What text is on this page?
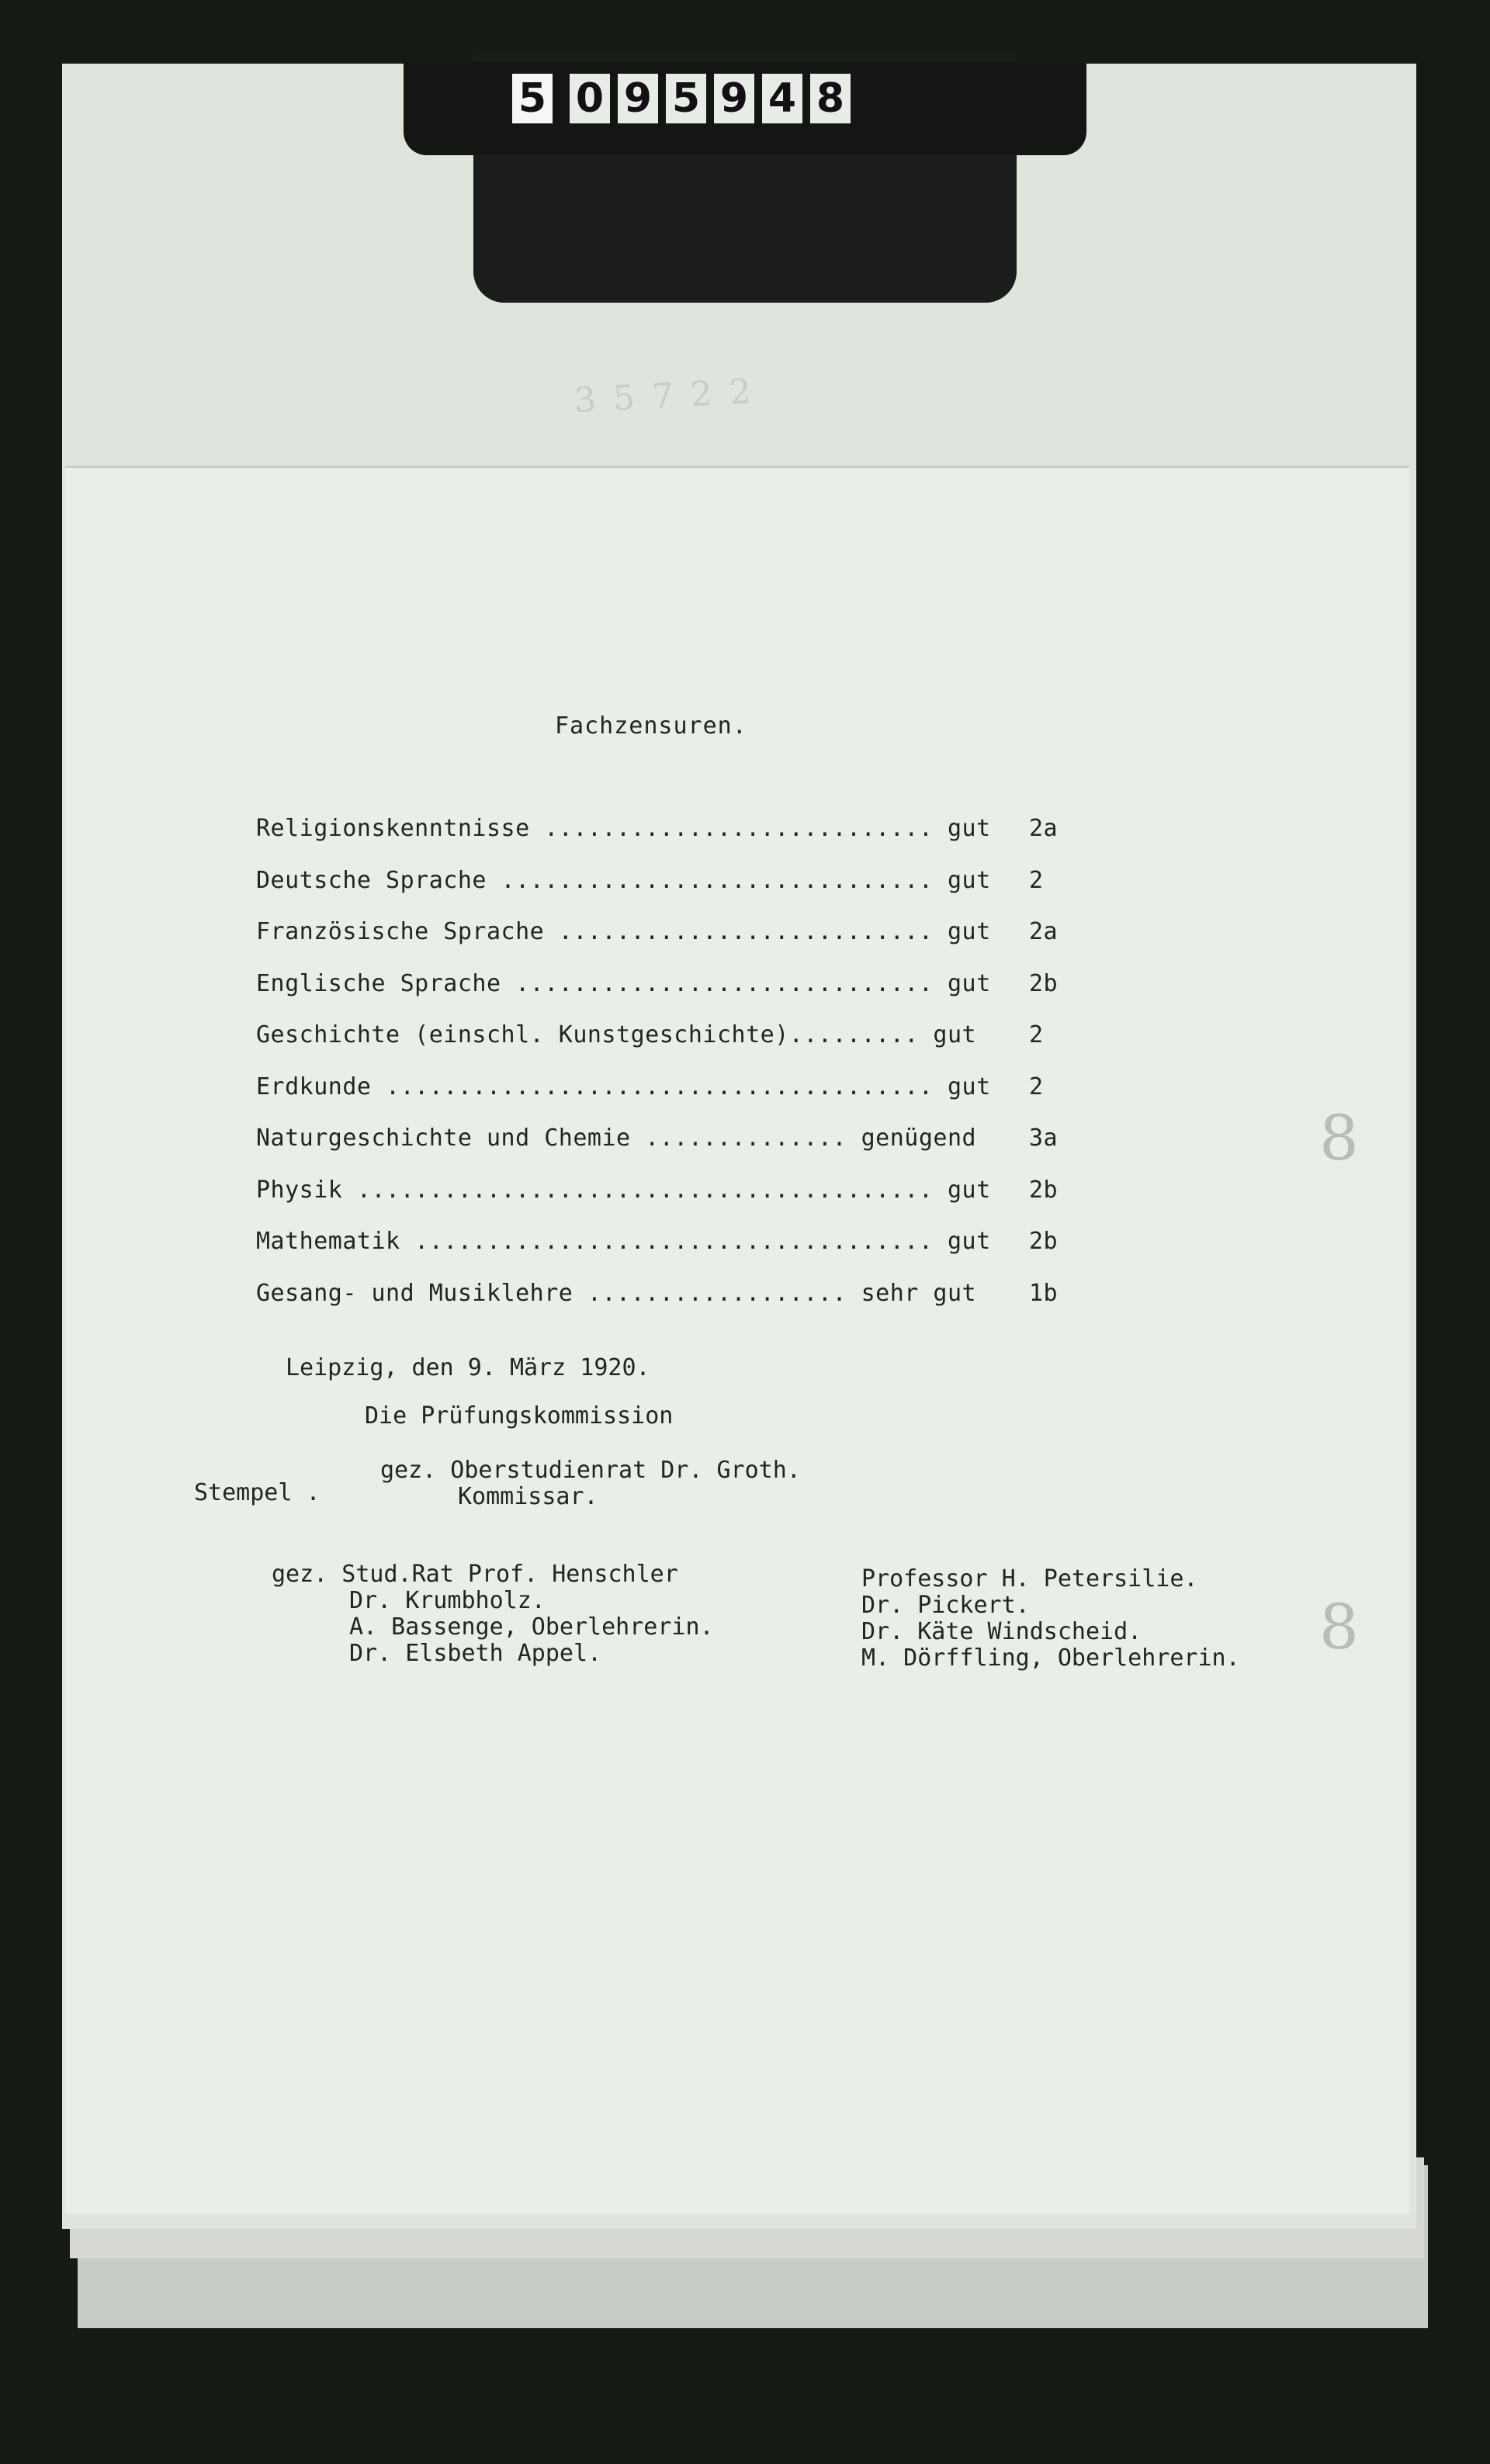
5 0 9 5 9 4 8
3 5 7 2 2
Fachzensuren.
Religionskenntnisse ........................... gut	2a
Deutsche Sprache .............................. gut	2
Französische Sprache .......................... gut	2a
Englische Sprache ............................. gut	2b
Geschichte (einschl. Kunstgeschichte)......... gut	2
Erdkunde ...................................... gut	2
Naturgeschichte und Chemie .............. genügend	3a
Physik ........................................ gut	2b
Mathematik .................................... gut	2b
Gesang- und Musiklehre .................. sehr gut	1b
Leipzig, den 9. März 1920.
Die Prüfungskommission
gez. Oberstudienrat Dr. Groth.
Kommissar.
Stempel .
gez. Stud.Rat Prof. Henschler
Dr. Krumbholz.
A. Bassenge, Oberlehrerin.
Dr. Elsbeth Appel.
Professor H. Petersilie.
Dr. Pickert.
Dr. Käte Windscheid.
M. Dörffling, Oberlehrerin.
8
8
